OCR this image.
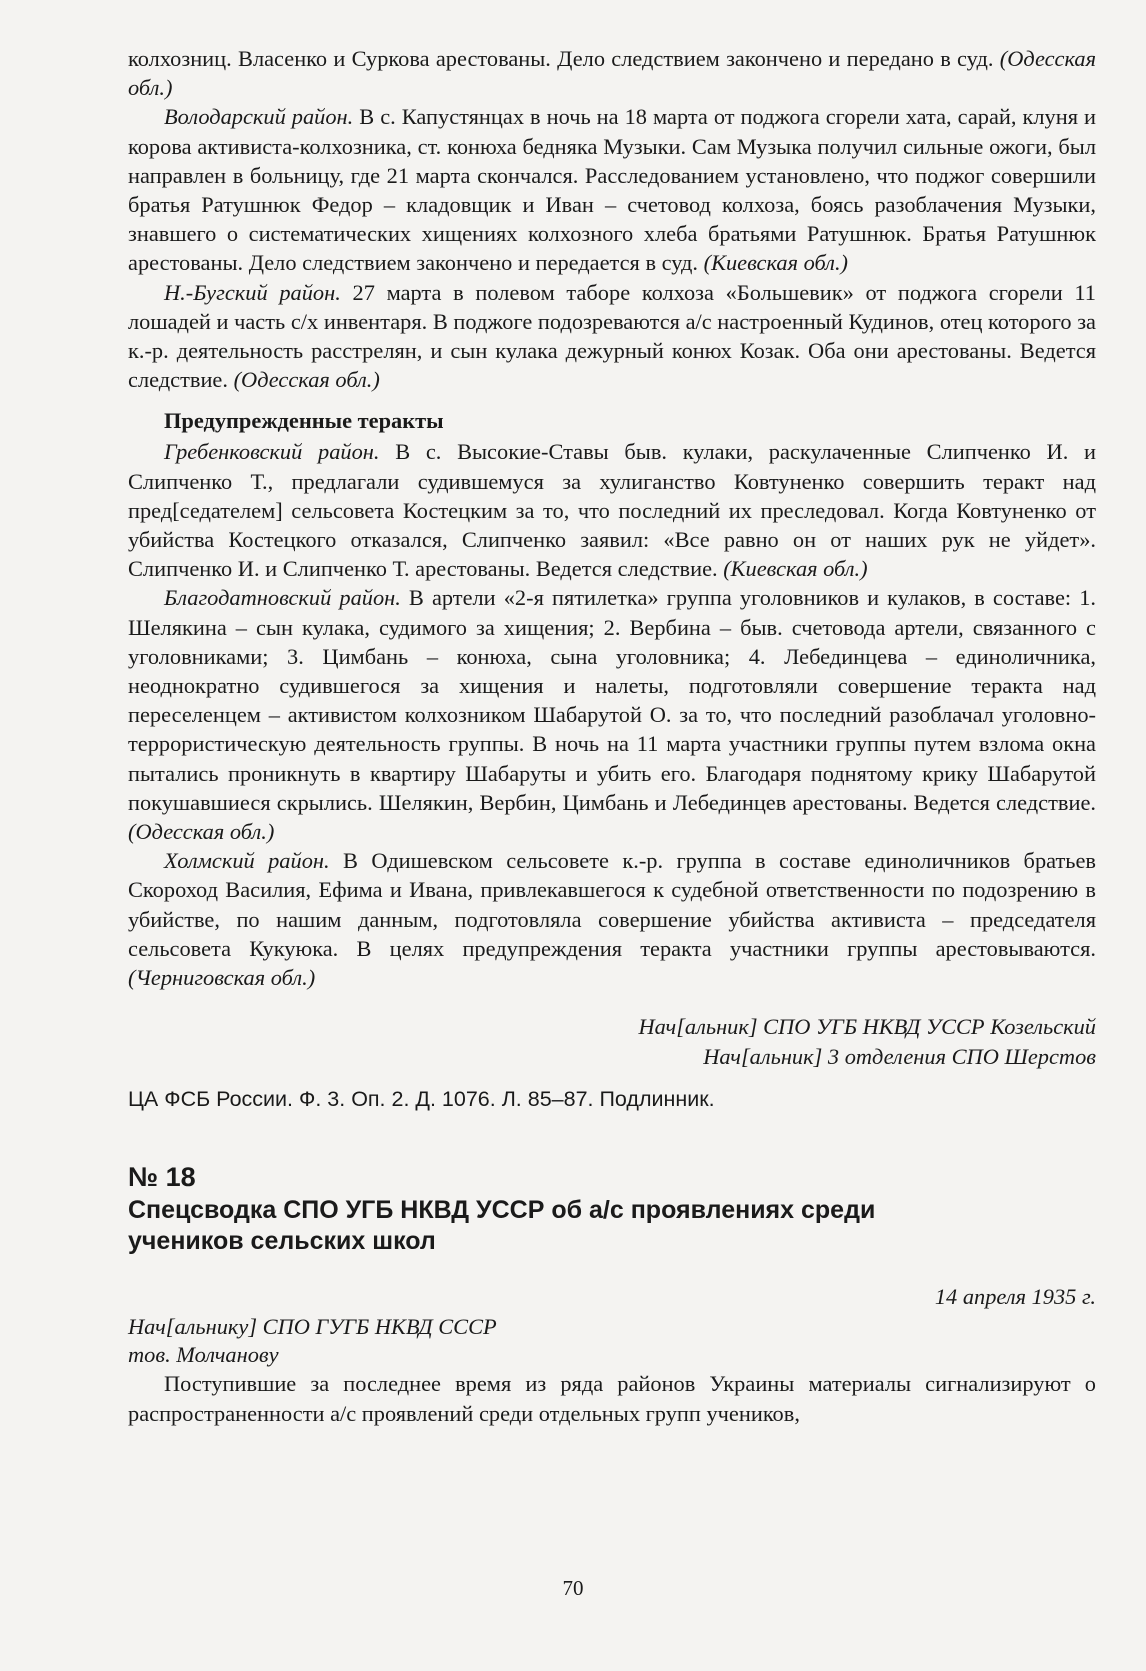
колхозниц. Власенко и Суркова арестованы. Дело следствием закончено и передано в суд. (Одесская обл.)

Володарский район. В с. Капустянцах в ночь на 18 марта от поджога сгорели хата, сарай, клуня и корова активиста-колхозника, ст. конюха бедняка Музыки. Сам Музыка получил сильные ожоги, был направлен в больницу, где 21 марта скончался. Расследованием установлено, что поджог совершили братья Ратушнюк Федор – кладовщик и Иван – счетовод колхоза, боясь разоблачения Музыки, знавшего о систематических хищениях колхозного хлеба братьями Ратушнюк. Братья Ратушнюк арестованы. Дело следствием закончено и передается в суд. (Киевская обл.)

Н.-Бугский район. 27 марта в полевом таборе колхоза «Большевик» от поджога сгорели 11 лошадей и часть с/х инвентаря. В поджоге подозреваются а/с настроенный Кудинов, отец которого за к.-р. деятельность расстрелян, и сын кулака дежурный конюх Козак. Оба они арестованы. Ведется следствие. (Одесская обл.)

Предупрежденные теракты

Гребенковский район. В с. Высокие-Ставы быв. кулаки, раскулаченные Слипченко И. и Слипченко Т., предлагали судившемуся за хулиганство Ковтуненко совершить теракт над пред[седателем] сельсовета Костецким за то, что последний их преследовал. Когда Ковтуненко от убийства Костецкого отказался, Слипченко заявил: «Все равно он от наших рук не уйдет». Слипченко И. и Слипченко Т. арестованы. Ведется следствие. (Киевская обл.)

Благодатновский район. В артели «2-я пятилетка» группа уголовников и кулаков, в составе: 1. Шелякина – сын кулака, судимого за хищения; 2. Вербина – быв. счетовода артели, связанного с уголовниками; 3. Цимбань – конюха, сына уголовника; 4. Лебединцева – единоличника, неоднократно судившегося за хищения и налеты, подготовляли совершение теракта над переселенцем – активистом колхозником Шабарутой О. за то, что последний разоблачал уголовно-террористическую деятельность группы. В ночь на 11 марта участники группы путем взлома окна пытались проникнуть в квартиру Шабаруты и убить его. Благодаря поднятому крику Шабарутой покушавшиеся скрылись. Шелякин, Вербин, Цимбань и Лебединцев арестованы. Ведется следствие. (Одесская обл.)

Холмский район. В Одишевском сельсовете к.-р. группа в составе единоличников братьев Скороход Василия, Ефима и Ивана, привлекавшегося к судебной ответственности по подозрению в убийстве, по нашим данным, подготовляла совершение убийства активиста – председателя сельсовета Кукуюка. В целях предупреждения теракта участники группы арестовываются. (Черниговская обл.)

Нач[альник] СПО УГБ НКВД УССР Козельский
Нач[альник] 3 отделения СПО Шерстов
ЦА ФСБ России. Ф. 3. Оп. 2. Д. 1076. Л. 85–87. Подлинник.
№ 18
Спецсводка СПО УГБ НКВД УССР об а/с проявлениях среди учеников сельских школ
14 апреля 1935 г.
Нач[альнику] СПО ГУГБ НКВД СССР
тов. Молчанову

Поступившие за последнее время из ряда районов Украины материалы сигнализируют о распространенности а/с проявлений среди отдельных групп учеников,

70
